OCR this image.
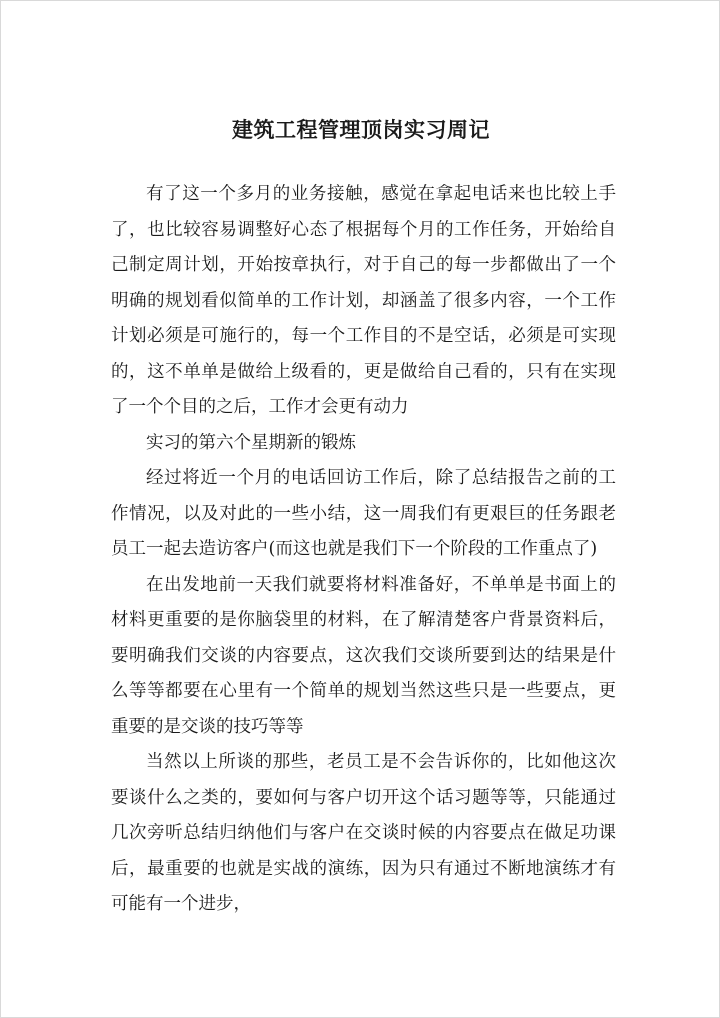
建筑工程管理顶岗实习周记

有了这一个多月的业务接触，感觉在拿起电话来也比较上手了，也比较容易调整好心态了根据每个月的工作任务，开始给自己制定周计划，开始按章执行，对于自己的每一步都做出了一个明确的规划看似简单的工作计划，却涵盖了很多内容，一个工作计划必须是可施行的，每一个工作目的不是空话，必须是可实现的，这不单单是做给上级看的，更是做给自己看的，只有在实现了一个个目的之后，工作才会更有动力

实习的第六个星期新的锻炼

经过将近一个月的电话回访工作后，除了总结报告之前的工作情况，以及对此的一些小结，这一周我们有更艰巨的任务跟老员工一起去造访客户(而这也就是我们下一个阶段的工作重点了)

在出发地前一天我们就要将材料准备好，不单单是书面上的材料更重要的是你脑袋里的材料，在了解清楚客户背景资料后，要明确我们交谈的内容要点，这次我们交谈所要到达的结果是什么等等都要在心里有一个简单的规划当然这些只是一些要点，更重要的是交谈的技巧等等

当然以上所谈的那些，老员工是不会告诉你的，比如他这次要谈什么之类的，要如何与客户切开这个话习题等等，只能通过几次旁听总结归纳他们与客户在交谈时候的内容要点在做足功课后，最重要的也就是实战的演练，因为只有通过不断地演练才有可能有一个进步，
